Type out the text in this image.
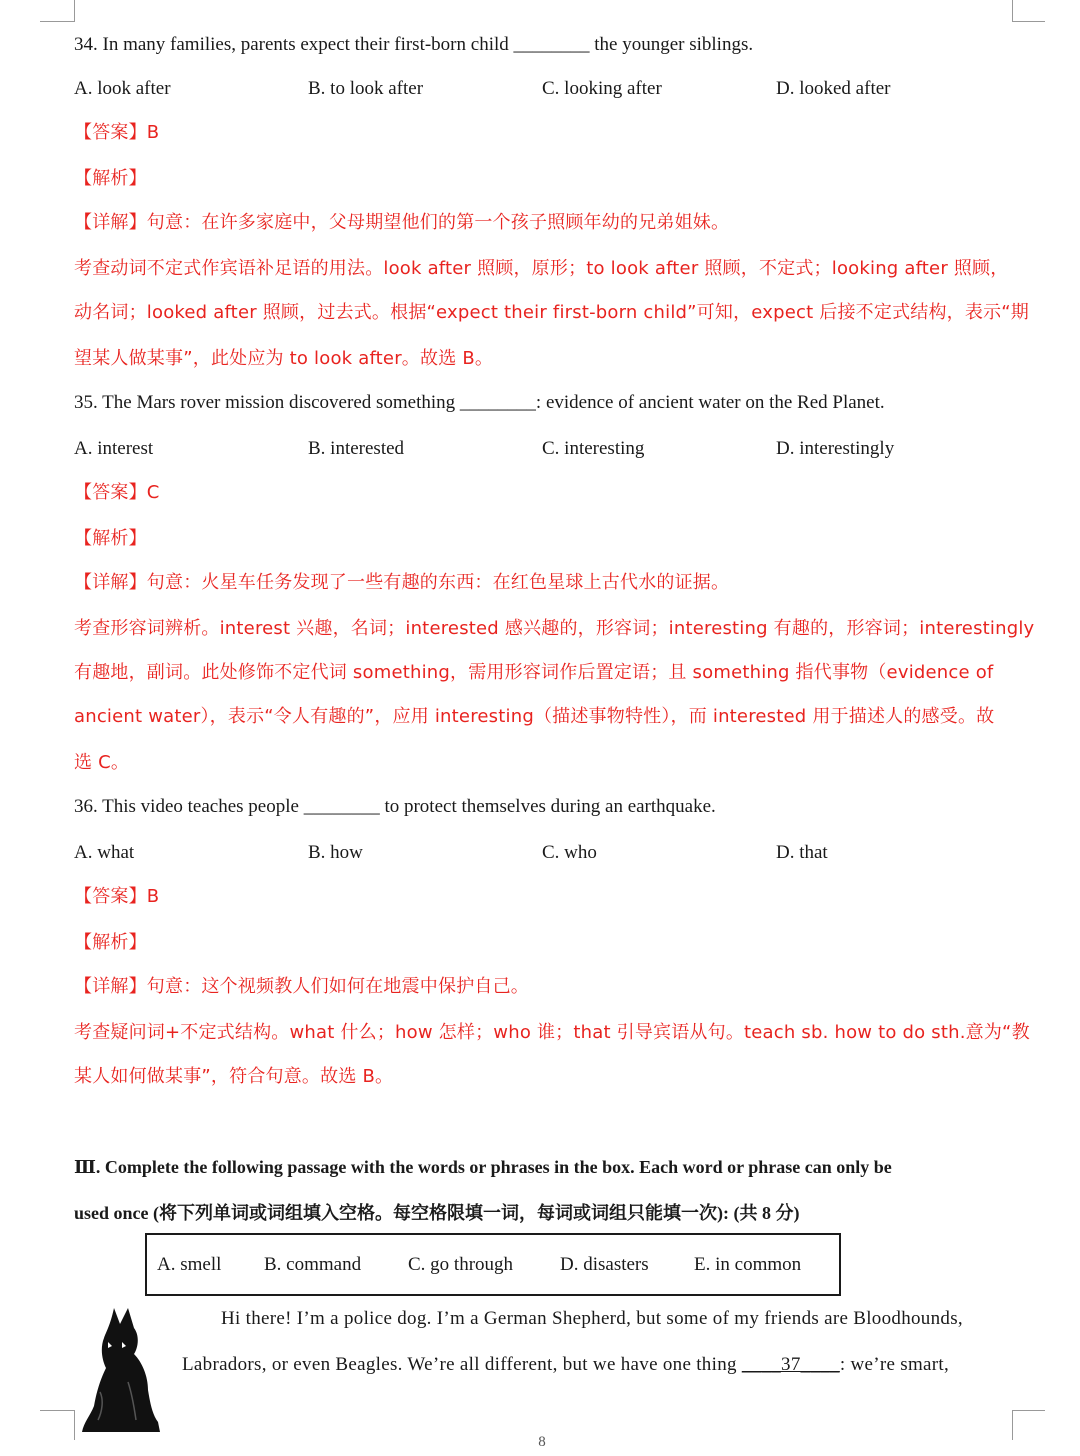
34. In many families, parents expect their first-born child ________ the younger siblings.
A. look after	B. to look after	C. looking after	D. looked after
【答案】B
【解析】
【详解】句意：在许多家庭中，父母期望他们的第一个孩子照顾年幼的兄弟姐妹。
考查动词不定式作宾语补足语的用法。look after 照顾，原形；to look after 照顾，不定式；looking after 照顾，
动名词；looked after 照顾，过去式。根据“expect their first-born child”可知，expect 后接不定式结构，表示“期
望某人做某事”，此处应为 to look after。故选 B。
35. The Mars rover mission discovered something ________: evidence of ancient water on the Red Planet.
A. interest	B. interested	C. interesting	D. interestingly
【答案】C
【解析】
【详解】句意：火星车任务发现了一些有趣的东西：在红色星球上古代水的证据。
考查形容词辨析。interest 兴趣，名词；interested 感兴趣的，形容词；interesting 有趣的，形容词；interestingly
有趣地，副词。此处修饰不定代词 something，需用形容词作后置定语；且 something 指代事物（evidence of
ancient water），表示“令人有趣的”，应用 interesting（描述事物特性），而 interested 用于描述人的感受。故
选 C。
36. This video teaches people ________ to protect themselves during an earthquake.
A. what	B. how	C. who	D. that
【答案】B
【解析】
【详解】句意：这个视频教人们如何在地震中保护自己。
考查疑问词+不定式结构。what 什么；how 怎样；who 谁；that 引导宾语从句。teach sb. how to do sth.意为“教
某人如何做某事”，符合句意。故选 B。
Ⅲ. Complete the following passage with the words or phrases in the box. Each word or phrase can only be
used once (将下列单词或词组填入空格。每空格限填一词，每词或词组只能填一次): (共 8 分)
A. smell B. command C. go through D. disasters E. in common
Hi there! I’m a police dog. I’m a German Shepherd, but some of my friends are Bloodhounds,
Labradors, or even Beagles. We’re all different, but we have one thing ____37____: we’re smart,
8
